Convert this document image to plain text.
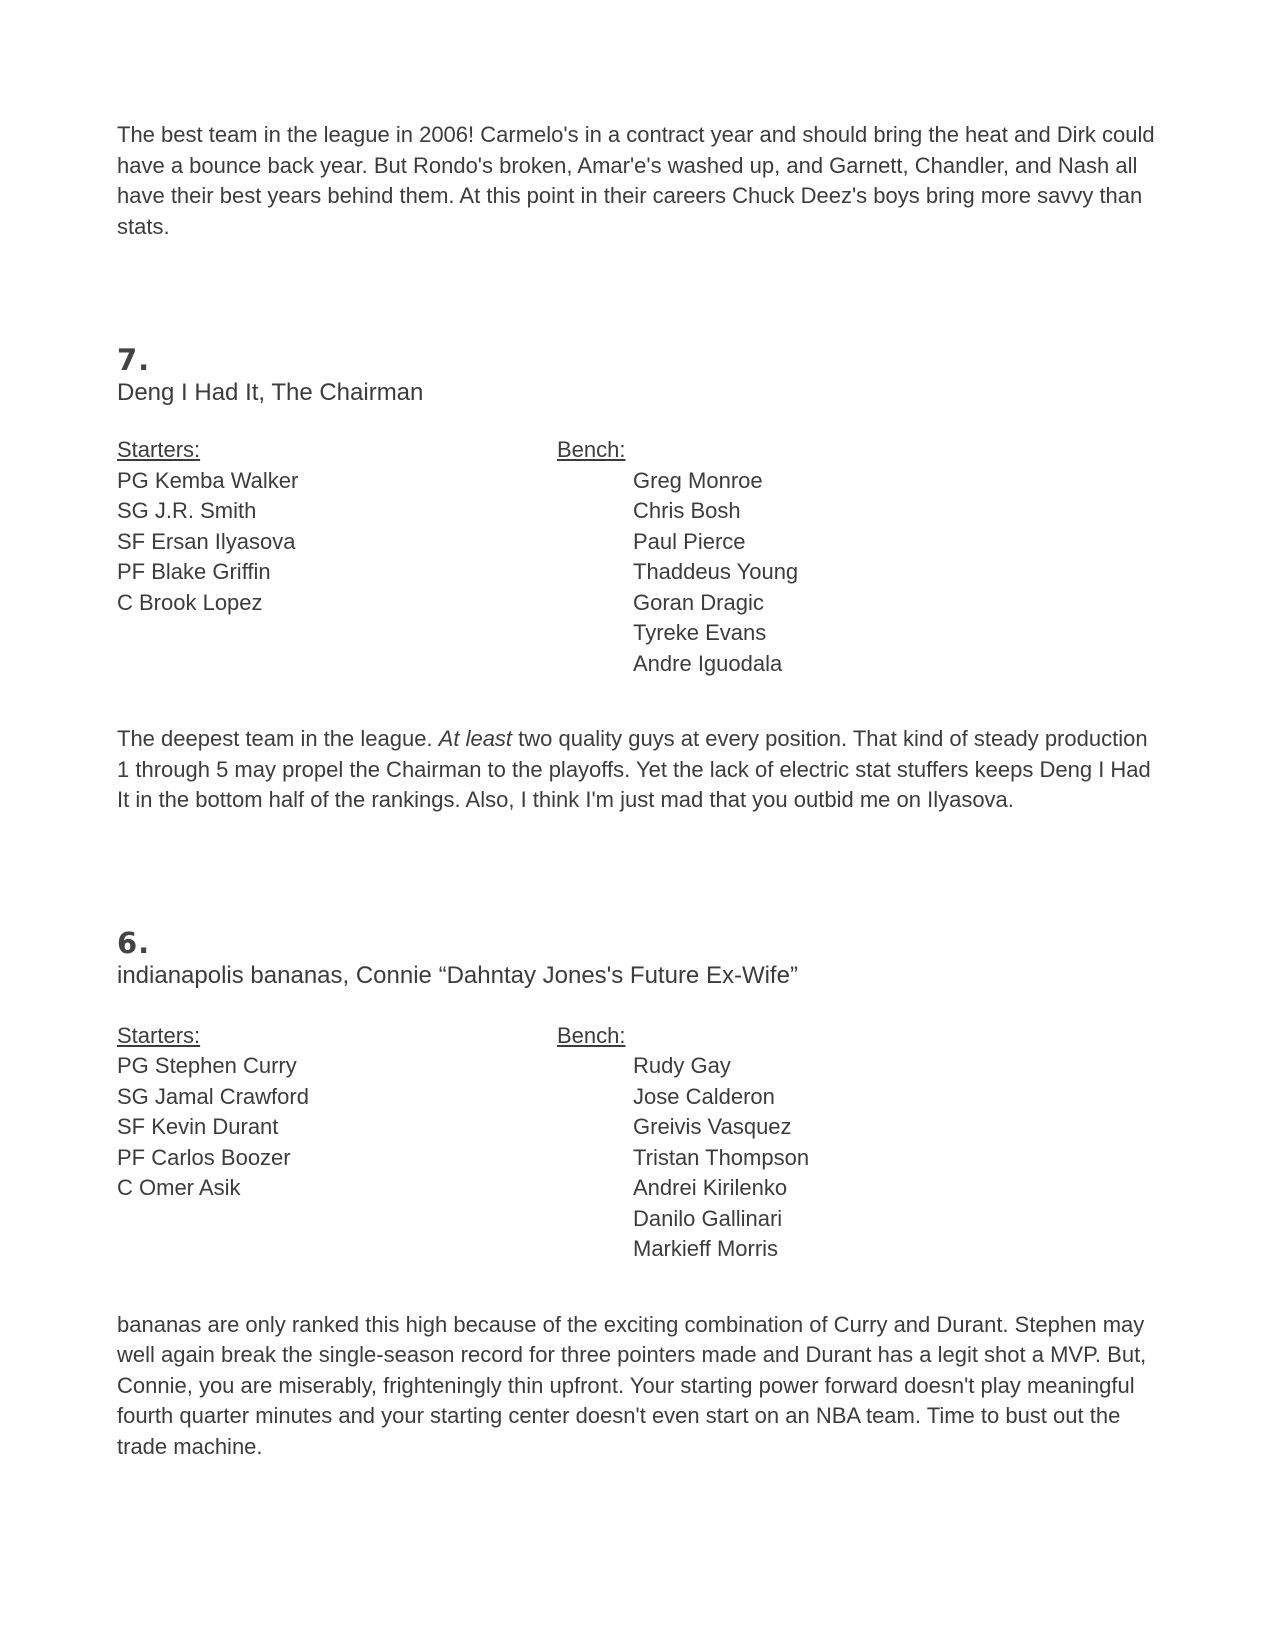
The best team in the league in 2006! Carmelo's in a contract year and should bring the heat and Dirk could have a bounce back year. But Rondo's broken, Amar'e's washed up, and Garnett, Chandler, and Nash all have their best years behind them. At this point in their careers Chuck Deez's boys bring more savvy than stats.

7.

Deng I Had It, The Chairman

Starters:
PG Kemba Walker
SG J.R. Smith
SF Ersan Ilyasova
PF Blake Griffin
C Brook Lopez
Bench:
Greg Monroe
Chris Bosh
Paul Pierce
Thaddeus Young
Goran Dragic
Tyreke Evans
Andre Iguodala

The deepest team in the league. At least two quality guys at every position. That kind of steady production 1 through 5 may propel the Chairman to the playoffs. Yet the lack of electric stat stuffers keeps Deng I Had It in the bottom half of the rankings. Also, I think I'm just mad that you outbid me on Ilyasova.

6.

indianapolis bananas, Connie “Dahntay Jones's Future Ex-Wife”

Starters:
PG Stephen Curry
SG Jamal Crawford
SF Kevin Durant
PF Carlos Boozer
C Omer Asik
Bench:
Rudy Gay
Jose Calderon
Greivis Vasquez
Tristan Thompson
Andrei Kirilenko
Danilo Gallinari
Markieff Morris

bananas are only ranked this high because of the exciting combination of Curry and Durant. Stephen may well again break the single-season record for three pointers made and Durant has a legit shot a MVP. But, Connie, you are miserably, frighteningly thin upfront. Your starting power forward doesn't play meaningful fourth quarter minutes and your starting center doesn't even start on an NBA team. Time to bust out the trade machine.
